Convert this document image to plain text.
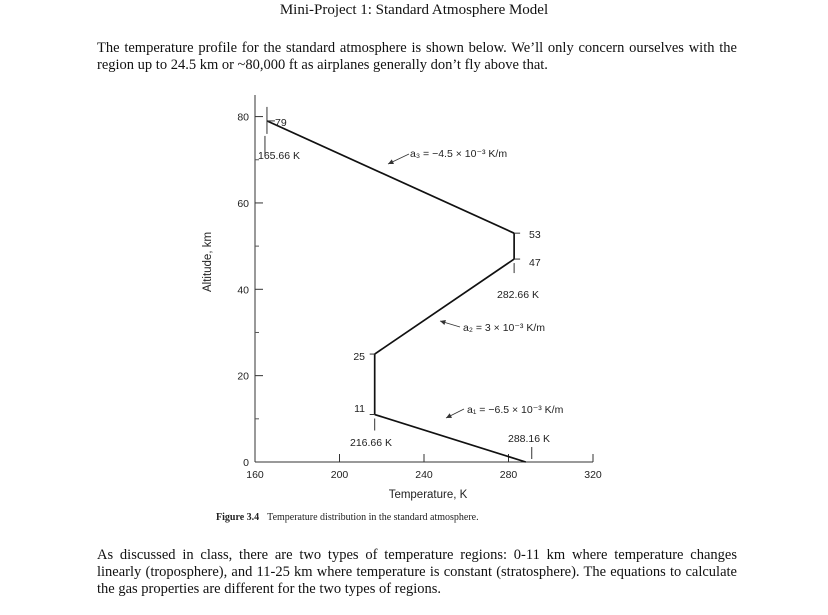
Mini-Project 1: Standard Atmosphere Model
The temperature profile for the standard atmosphere is shown below. We’ll only concern ourselves with the region up to 24.5 km or ~80,000 ft as airplanes generally don’t fly above that.
0
20
40
60
80
160	200	240	280	320
Altitude, km
Temperature, K
11
25
47
53
79
216.66 K	288.16 K
282.66 K
165.66 K
a₁ = −6.5 × 10⁻³ K/m
a₂ = 3 × 10⁻³ K/m
a₃ = −4.5 × 10⁻³ K/m
Figure 3.4 Temperature distribution in the standard atmosphere.
As discussed in class, there are two types of temperature regions: 0-11 km where temperature changes linearly (troposphere), and 11-25 km where temperature is constant (stratosphere). The equations to calculate the gas properties are different for the two types of regions.
